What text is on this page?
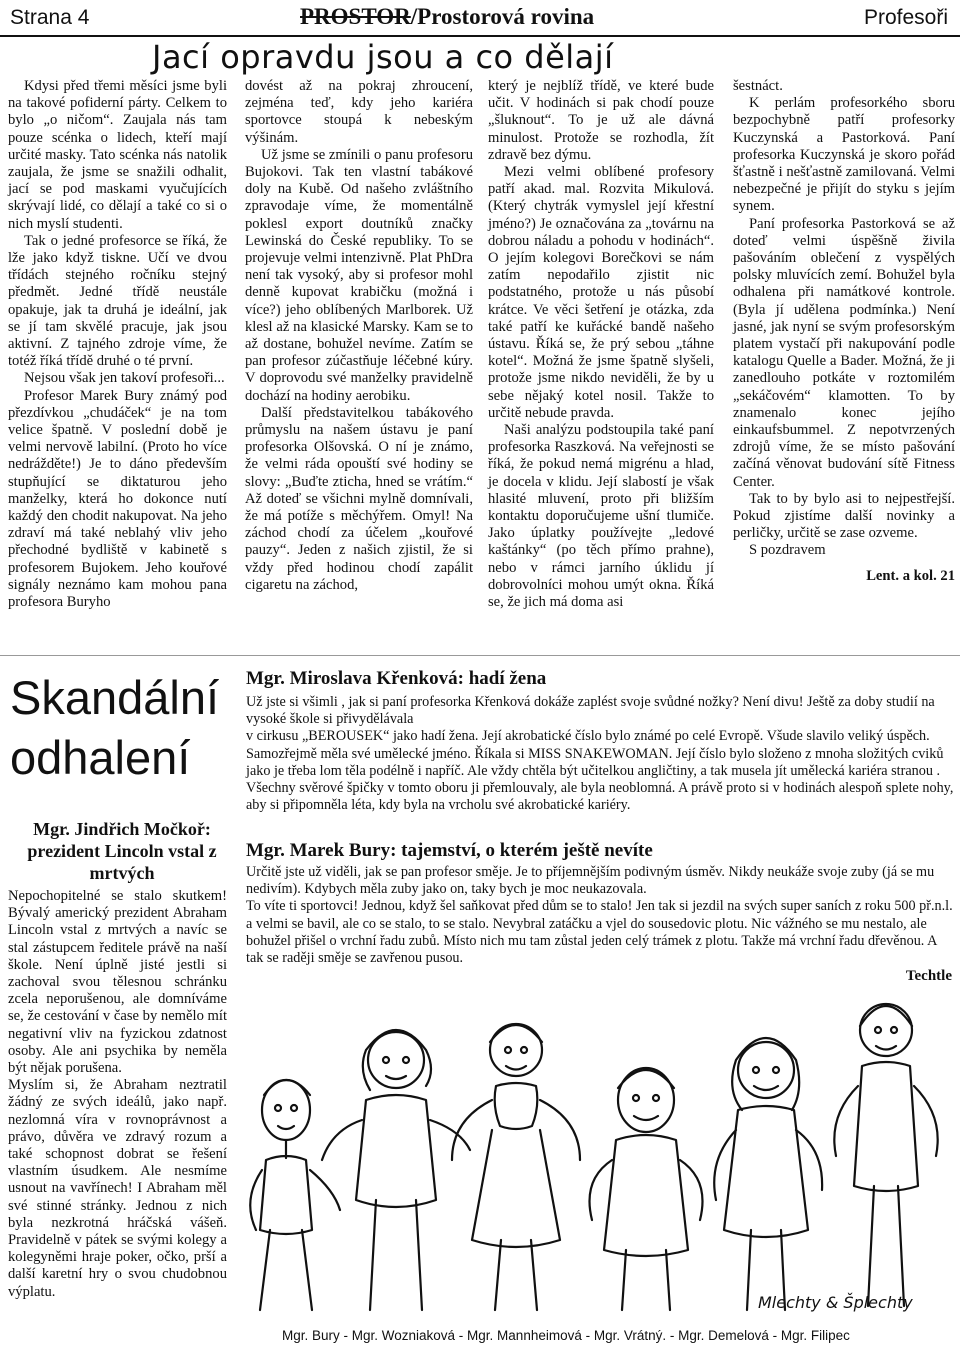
Strana 4	PROSTOR/Prostorová rovina	Profesoři
Jací opravdu jsou a co dělají

Kdysi před třemi měsíci jsme byli na takové pofiderní párty. Celkem to bylo „o ničom“. Zaujala nás tam pouze scénka o lidech, kteří mají určité masky. Tato scénka nás natolik zaujala, že jsme se snažili odhalit, jací se pod maskami vyučujících skrývají lidé, co dělají a také co si o nich myslí studenti.

Tak o jedné profesorce se říká, že lže jako když tiskne. Učí ve dvou třídách stejného ročníku stejný předmět. Jedné třídě neustále opakuje, jak ta druhá je ideální, jak se jí tam skvělé pracuje, jak jsou aktivní. Z tajného zdroje víme, že totéž říká třídě druhé o té první.

Nejsou však jen takoví profesoři...

Profesor Marek Bury známý pod přezdívkou „chudáček“ je na tom velice špatně. V poslední době je velmi nervově labilní. (Proto ho více nedrážděte!) Je to dáno především stupňující se diktaturou jeho manželky, která ho dokonce nutí každý den chodit nakupovat. Na jeho zdraví má také neblahý vliv jeho přechodné bydliště v kabinetě s profesorem Bujokem. Jeho kouřové signály neznámo kam mohou pana profesora Buryho

dovést až na pokraj zhroucení, zejména teď, kdy jeho kariéra sportovce stoupá k nebeským výšinám.

Už jsme se zmínili o panu profesoru Bujokovi. Tak ten vlastní tabákové doly na Kubě. Od našeho zvláštního zpravodaje víme, že momentálně poklesl export doutníků značky Lewinská do České republiky. To se projevuje velmi intenzivně. Plat PhDra není tak vysoký, aby si profesor mohl denně kupovat krabičku (možná i více?) jeho oblíbených Marlborek. Už klesl až na klasické Marsky. Kam se to až dostane, bohužel nevíme. Zatím se pan profesor zúčastňuje léčebné kúry. V doprovodu své manželky pravidelně dochází na hodiny aerobiku.

Další představitelkou tabákového průmyslu na našem ústavu je paní profesorka Olšovská. O ní je známo, že velmi ráda opouští své hodiny se slovy: „Buďte zticha, hned se vrátím.“ Až doteď se všichni mylně domnívali, že má potíže s měchýřem. Omyl! Na záchod chodí za účelem „kouřové pauzy“. Jeden z našich zjistil, že si vždy před hodinou chodí zapálit cigaretu na záchod,

který je nejblíž třídě, ve které bude učit. V hodinách si pak chodí pouze „šluknout“. To je už ale dávná minulost. Protože se rozhodla, žít zdravě bez dýmu.

Mezi velmi oblíbené profesory patří akad. mal. Rozvita Mikulová. (Který chytrák vymyslel její křestní jméno?) Je označována za „továrnu na dobrou náladu a pohodu v hodinách“. O jejím kolegovi Borečkovi se nám zatím nepodařilo zjistit nic podstatného, protože u nás působí krátce. Ve věci šetření je otázka, zda také patří ke kuřácké bandě našeho ústavu. Říká se, že prý sebou „táhne kotel“. Možná že jsme špatně slyšeli, protože jsme nikdo neviděli, že by u sebe nějaký kotel nosil. Takže to určitě nebude pravda.

Naši analýzu podstoupila také paní profesorka Raszková. Na veřejnosti se říká, že pokud nemá migrénu a hlad, je docela v klidu. Její slabostí je však hlasité mluvení, proto při bližším kontaktu doporučujeme ušní tlumiče. Jako úplatky používejte „ledové kaštánky“ (po těch přímo prahne), nebo v rámci jarního úklidu jí dobrovolníci mohou umýt okna. Říká se, že jich má doma asi

šestnáct.

K perlám profesorkého sboru bezpochybně patří profesorky Kuczynská a Pastorková. Paní profesorka Kuczynská je skoro pořád šťastně i nešťastně zamilovaná. Velmi nebezpečné je přijít do styku s jejím synem.

Paní profesorka Pastorková se až doteď velmi úspěšně živila pašováním oblečení z vyspělých polsky mluvících zemí. Bohužel byla odhalena při namátkové kontrole. (Byla jí udělena podmínka.) Není jasné, jak nyní se svým profesorským platem vystačí při nakupování podle katalogu Quelle a Bader. Možná, že ji zanedlouho potkáte v roztomilém „sekáčovém“ klamotten. To by znamenalo konec jejího einkaufsbummel. Z nepotvrzených zdrojů víme, že se místo pašování začíná věnovat budování sítě Fitness Center.

Tak to by bylo asi to nejpestřejší. Pokud zjistíme další novinky a perličky, určitě se zase ozveme.

S pozdravem

Lent. a kol. 21

Skandální
odhalení
Mgr. Jindřich Močkoř: prezident Lincoln vstal z mrtvých

Nepochopitelné se stalo skutkem! Bývalý americký prezident Abraham Lincoln vstal z mrtvých a navíc se stal zástupcem ředitele právě na naší škole. Není úplně jisté jestli si zachoval svou tělesnou schránku zcela neporušenou, ale domníváme se, že cestování v čase by nemělo mít negativní vliv na fyzickou zdatnost osoby. Ale ani psychika by neměla být nějak porušena.

Myslím si, že Abraham neztratil žádný ze svých ideálů, jako např. nezlomná víra v rovnoprávnost a právo, důvěra ve zdravý rozum a také schopnost dobrat se řešení vlastním úsudkem. Ale nesmíme usnout na vavřínech! I Abraham měl své stinné stránky. Jednou z nich byla nezkrotná hráčská vášeň. Pravidelně v pátek se svými kolegy a kolegyněmi hraje poker, očko, prší a další karetní hry o svou chudobnou výplatu.

Mgr. Miroslava Křenková: hadí žena

Už jste si všimli , jak si paní profesorka Křenková dokáže zaplést svoje svůdné nožky? Není divu! Ještě za doby studií na vysoké škole si přivydělávala

v cirkusu „BEROUSEK“ jako hadí žena. Její akrobatické číslo bylo známé po celé Evropě. Všude slavilo veliký úspěch. Samozřejmě měla své umělecké jméno. Říkala si MISS SNAKEWOMAN. Její číslo bylo složeno z mnoha složitých cviků jako je třeba lom těla podélně i napříč. Ale vždy chtěla být učitelkou angličtiny, a tak musela jít umělecká kariéra stranou . Všechny svěrové špičky v tomto oboru ji přemlouvaly, ale byla neoblomná. A právě proto si v hodinách alespoň splete nohy, aby si připomněla léta, kdy byla na vrcholu své akrobatické kariéry.

Mgr. Marek Bury: tajemství, o kterém ještě nevíte

Určitě jste už viděli, jak se pan profesor směje. Je to příjemnějším podivným úsměv. Nikdy neukáže svoje zuby (já se mu nedivím). Kdybych měla zuby jako on, taky bych je moc neukazovala.

To víte ti sportovci! Jednou, když šel saňkovat před dům se to stalo! Jen tak si jezdil na svých super saních z roku 500 př.n.l. a velmi se bavil, ale co se stalo, to se stalo. Nevybral zatáčku a vjel do sousedovic plotu. Nic vážného se mu nestalo, ale bohužel přišel o vrchní řadu zubů. Místo nich mu tam zůstal jeden celý trámek z plotu. Takže má vrchní řadu dřevěnou. A tak se raději směje se zavřenou pusou.

Techtle
Mlechty & Šplechty
Mgr. Bury - Mgr. Wozniaková - Mgr. Mannheimová - Mgr. Vrátný. - Mgr. Demelová - Mgr. Filipec
